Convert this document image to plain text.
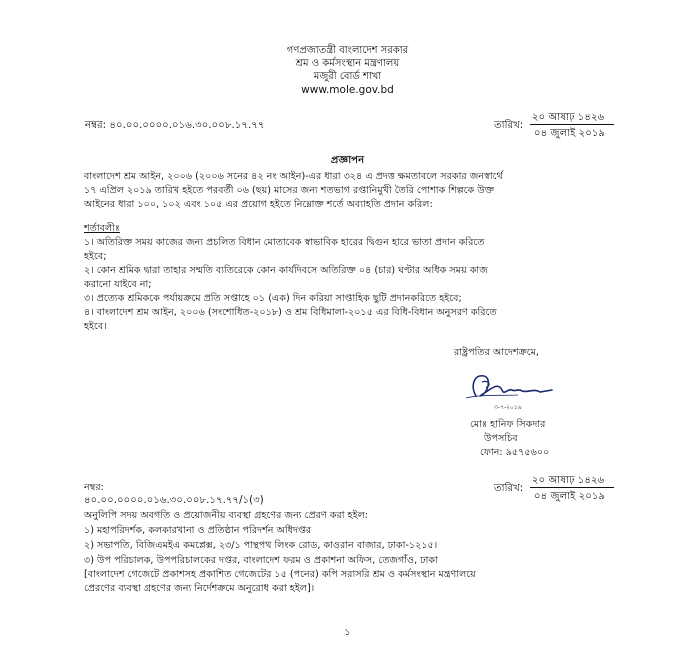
গণপ্রজাতন্ত্রী বাংলাদেশ সরকার
শ্রম ও কর্মসংস্থান মন্ত্রণালয়
মজুরী বোর্ড শাখা
www.mole.gov.bd
নম্বর: ৪০.০০.০০০০.০১৬.৩০.০০৮.১৭.৭৭	তারিখ:
২০ আষাঢ় ১৪২৬
০৪ জুলাই ২০১৯
প্রজ্ঞাপন
বাংলাদেশ শ্রম আইন, ২০০৬ (২০০৬ সনের ৪২ নং আইন)-এর ধারা ৩২৪ এ প্রদত্ত ক্ষমতাবলে সরকার জনস্বার্থে
১৭ এপ্রিল ২০১৯ তারিখ হইতে পরবর্তী ০৬ (ছয়) মাসের জন্য শতভাগ রপ্তানিমুখী তৈরি পোশাক শিল্পকে উক্ত
আইনের ধারা ১০০, ১০২ এবং ১০৫ এর প্রয়োগ হইতে নিম্নোক্ত শর্তে অব্যাহতি প্রদান করিল:
শর্তাবলীঃ
১। অতিরিক্ত সময় কাজের জন্য প্রচলিত বিধান মোতাবেক স্বাভাবিক হারের দ্বিগুন হারে ভাতা প্রদান করিতে
হইবে;
২। কোন শ্রমিক দ্বারা তাহার সম্মতি ব্যতিরেকে কোন কার্যদিবসে অতিরিক্ত ০৪ (চার) ঘণ্টার অধিক সময় কাজ
করানো যাইবে না;
৩। প্রত্যেক শ্রমিককে পর্যায়ক্রমে প্রতি সপ্তাহে ০১ (এক) দিন করিয়া সাপ্তাহিক ছুটি প্রদানকরিতে হইবে;
৪। বাংলাদেশ শ্রম আইন, ২০০৬ (সংশোধিত-২০১৮) ও শ্রম বিধিমালা-২০১৫ এর বিধি-বিধান অনুসরণ করিতে
হইবে।
রাষ্ট্রপতির আদেশক্রমে,
৩-৭-২০১৯
মোঃ হানিফ সিকদার
উপসচিব
ফোন: ৯৫৭৫৬০০
নম্বর:
৪০.০০.০০০০.০১৬.৩০.০০৮.১৭.৭৭/১(৩)
তারিখ:
২০ আষাঢ় ১৪২৬
০৪ জুলাই ২০১৯
অনুলিপি সদয় অবগতি ও প্রয়োজনীয় ব্যবস্থা গ্রহণের জন্য প্রেরণ করা হইল:
১) মহাপরিদর্শক, কলকারখানা ও প্রতিষ্ঠান পরিদর্শন অধিদপ্তর
২) সভাপতি, বিজিএমইএ কমপ্লেক্স, ২৩/১ পান্থপথ লিংক রোড, কাওরান বাজার, ঢাকা-১২১৫।
৩) উপ পরিচালক, উপপরিচালকের দপ্তর, বাংলাদেশ ফরম ও প্রকাশনা অফিস, তেজগাঁও, ঢাকা
[বাংলাদেশ গেজেটে প্রকাশসহ প্রকাশিত গেজেটের ১৫ (পনের) কপি সরাসরি শ্রম ও কর্মসংস্থান মন্ত্রণালয়ে
প্রেরণের ব্যবস্থা গ্রহণের জন্য নির্দেশক্রমে অনুরোধ করা হইল]।
১
